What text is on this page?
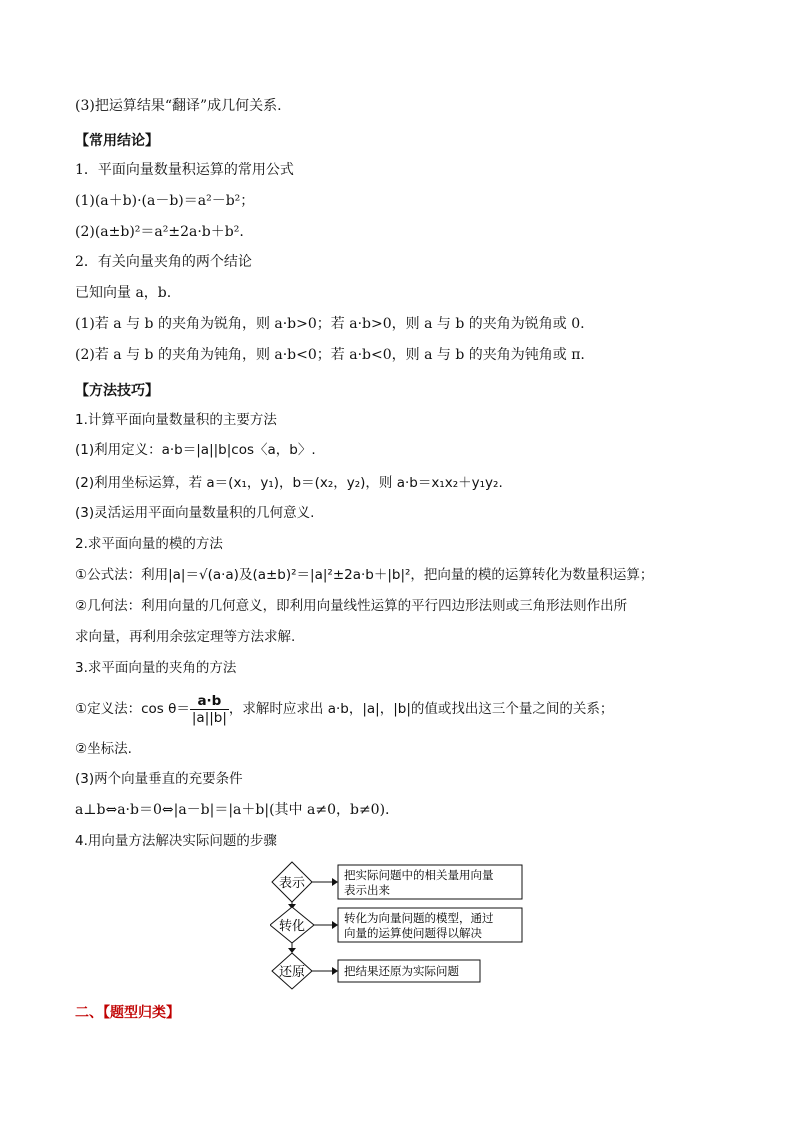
(3)把运算结果“翻译”成几何关系.
【常用结论】
1．平面向量数量积运算的常用公式
(1)(a＋b)·(a－b)＝a²－b²；
(2)(a±b)²＝a²±2a·b＋b².
2．有关向量夹角的两个结论
已知向量 a，b.
(1)若 a 与 b 的夹角为锐角，则 a·b>0；若 a·b>0，则 a 与 b 的夹角为锐角或 0.
(2)若 a 与 b 的夹角为钝角，则 a·b<0；若 a·b<0，则 a 与 b 的夹角为钝角或 π.
【方法技巧】
1.计算平面向量数量积的主要方法
(1)利用定义：a·b＝|a||b|cos〈a，b〉.
(2)利用坐标运算，若 a＝(x₁，y₁)，b＝(x₂，y₂)，则 a·b＝x₁x₂＋y₁y₂.
(3)灵活运用平面向量数量积的几何意义.
2.求平面向量的模的方法
①公式法：利用|a|＝√(a·a)及(a±b)²＝|a|²±2a·b＋|b|²，把向量的模的运算转化为数量积运算；
②几何法：利用向量的几何意义，即利用向量线性运算的平行四边形法则或三角形法则作出所
求向量，再利用余弦定理等方法求解.
3.求平面向量的夹角的方法
①定义法：$\cos \theta= \frac{a\cdot b}{|a||b|}$ ，求解时应求出 a·b，|a|，|b|的值或找出这三个量之间的关系；
②坐标法.
(3)两个向量垂直的充要条件
a⊥b⇔a·b＝0⇔|a－b|＝|a＋b|(其中 a≠0，b≠0).
4.用向量方法解决实际问题的步骤
表示
转化
还原
把实际问题中的相关量用向量
表示出来
转化为向量问题的模型，通过
向量的运算使问题得以解决
把结果还原为实际问题
二、【题型归类】
